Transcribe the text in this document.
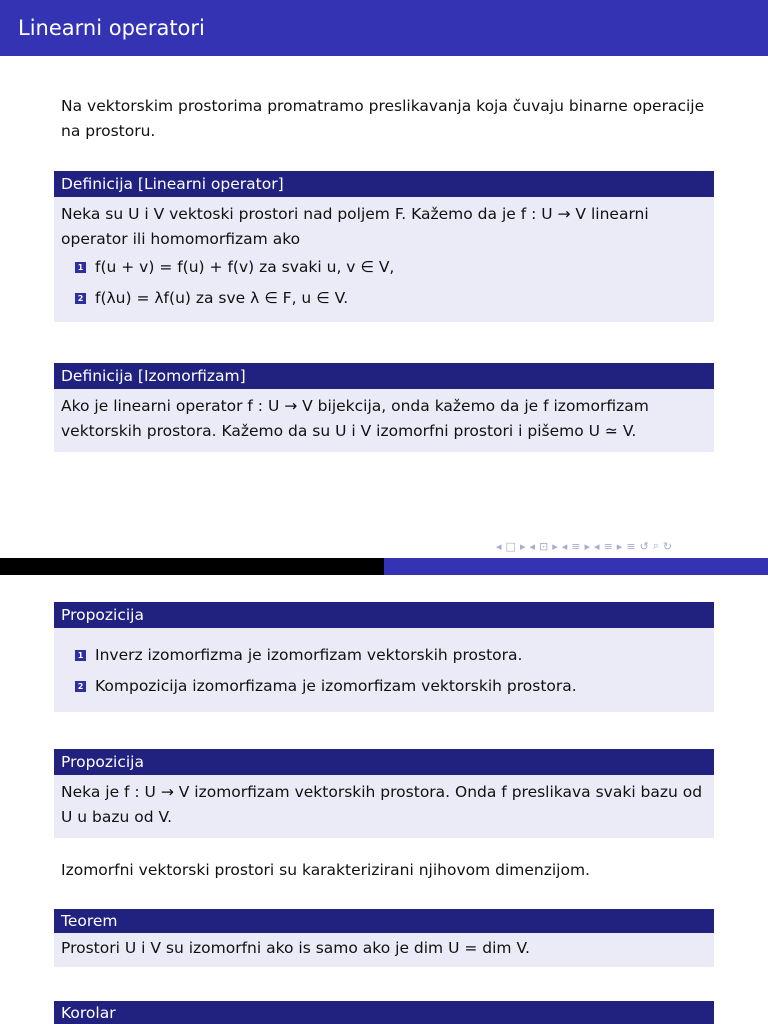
Linearni operatori
Na vektorskim prostorima promatramo preslikavanja koja čuvaju binarne operacije na prostoru.
Definicija [Linearni operator]
Neka su U i V vektoski prostori nad poljem F. Kažemo da je f : U → V linearni operator ili homomorfizam ako
1 f(u + v) = f(u) + f(v) za svaki u, v ∈ V,
2 f(λu) = λf(u) za sve λ ∈ F, u ∈ V.
Definicija [Izomorfizam]
Ako je linearni operator f : U → V bijekcija, onda kažemo da je f izomorfizam vektorskih prostora. Kažemo da su U i V izomorfni prostori i pišemo U ≃ V.
◂ □ ▸ ◂ ⊡ ▸ ◂ ≡ ▸ ◂ ≡ ▸ ≡ ↺ ⌕ ↻
Propozicija
1 Inverz izomorfizma je izomorfizam vektorskih prostora.
2 Kompozicija izomorfizama je izomorfizam vektorskih prostora.
Propozicija
Neka je f : U → V izomorfizam vektorskih prostora. Onda f preslikava svaki bazu od U u bazu od V.
Izomorfni vektorski prostori su karakterizirani njihovom dimenzijom.
Teorem
Prostori U i V su izomorfni ako is samo ako je dim U = dim V.
Korolar
